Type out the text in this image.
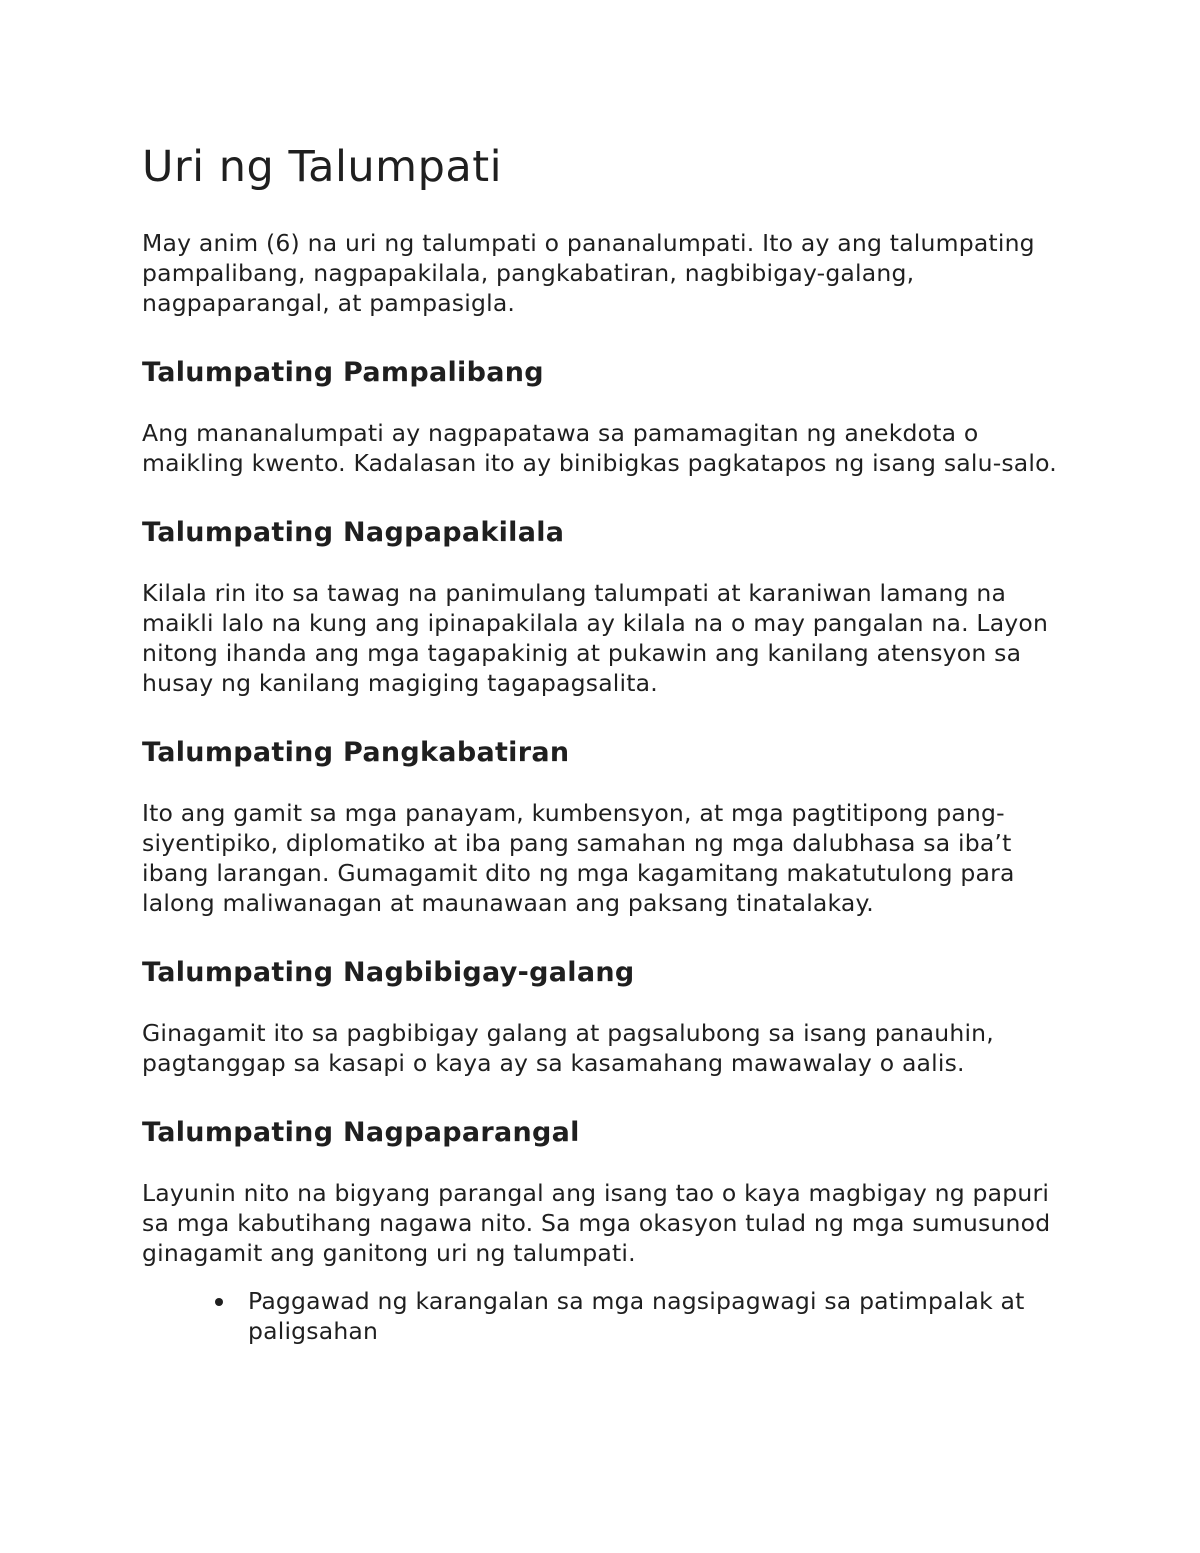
Uri ng Talumpati

May anim (6) na uri ng talumpati o pananalumpati. Ito ay ang talumpating pampalibang, nagpapakilala, pangkabatiran, nagbibigay-galang, nagpaparangal, at pampasigla.

Talumpating Pampalibang

Ang mananalumpati ay nagpapatawa sa pamamagitan ng anekdota o maikling kwento. Kadalasan ito ay binibigkas pagkatapos ng isang salu-salo.

Talumpating Nagpapakilala

Kilala rin ito sa tawag na panimulang talumpati at karaniwan lamang na maikli lalo na kung ang ipinapakilala ay kilala na o may pangalan na. Layon nitong ihanda ang mga tagapakinig at pukawin ang kanilang atensyon sa husay ng kanilang magiging tagapagsalita.

Talumpating Pangkabatiran

Ito ang gamit sa mga panayam, kumbensyon, at mga pagtitipong pang-siyentipiko, diplomatiko at iba pang samahan ng mga dalubhasa sa iba’t ibang larangan. Gumagamit dito ng mga kagamitang makatutulong para lalong maliwanagan at maunawaan ang paksang tinatalakay.

Talumpating Nagbibigay-galang

Ginagamit ito sa pagbibigay galang at pagsalubong sa isang panauhin, pagtanggap sa kasapi o kaya ay sa kasamahang mawawalay o aalis.

Talumpating Nagpaparangal

Layunin nito na bigyang parangal ang isang tao o kaya magbigay ng papuri sa mga kabutihang nagawa nito. Sa mga okasyon tulad ng mga sumusunod ginagamit ang ganitong uri ng talumpati.

Paggawad ng karangalan sa mga nagsipagwagi sa patimpalak at paligsahan
